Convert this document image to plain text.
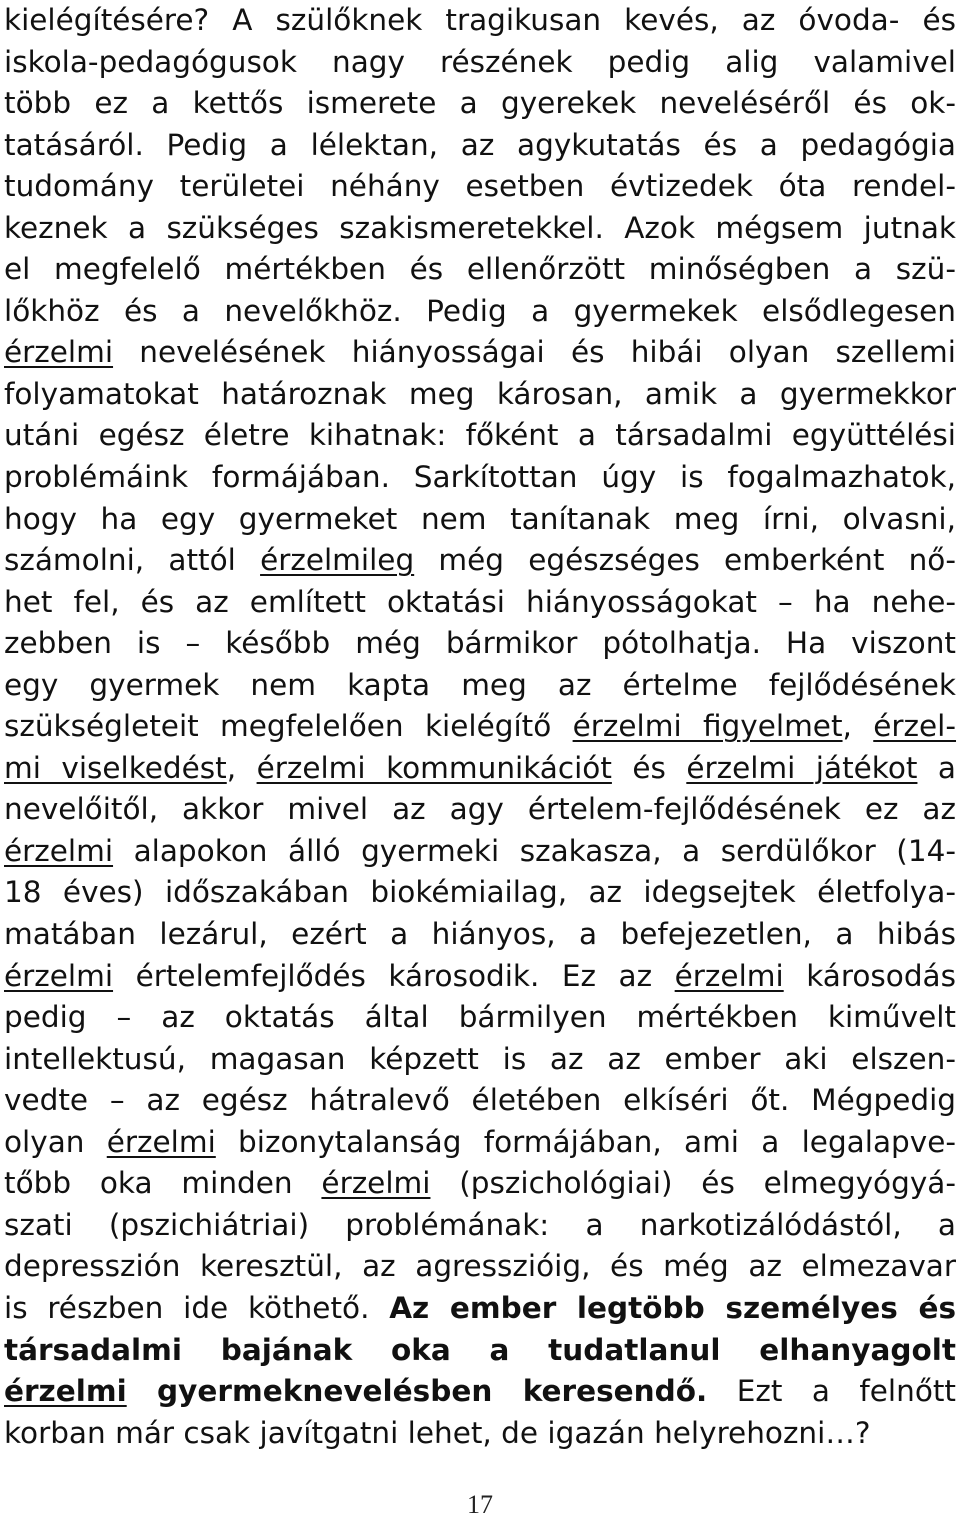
kielégítésére? A szülőknek tragikusan kevés, az óvoda- és
iskola-pedagógusok nagy részének pedig alig valamivel
több ez a kettős ismerete a gyerekek neveléséről és ok-
tatásáról. Pedig a lélektan, az agykutatás és a pedagógia
tudomány területei néhány esetben évtizedek óta rendel-
keznek a szükséges szakismeretekkel. Azok mégsem jutnak
el megfelelő mértékben és ellenőrzött minőségben a szü-
lőkhöz és a nevelőkhöz. Pedig a gyermekek elsődlegesen
érzelmi nevelésének hiányosságai és hibái olyan szellemi
folyamatokat határoznak meg károsan, amik a gyermekkor
utáni egész életre kihatnak: főként a társadalmi együttélési
problémáink formájában. Sarkítottan úgy is fogalmazhatok,
hogy ha egy gyermeket nem tanítanak meg írni, olvasni,
számolni, attól érzelmileg még egészséges emberként nő-
het fel, és az említett oktatási hiányosságokat – ha nehe-
zebben is – később még bármikor pótolhatja. Ha viszont
egy gyermek nem kapta meg az értelme fejlődésének
szükségleteit megfelelően kielégítő érzelmi figyelmet, érzel-
mi viselkedést, érzelmi kommunikációt és érzelmi játékot a
nevelőitől, akkor mivel az agy értelem-fejlődésének ez az
érzelmi alapokon álló gyermeki szakasza, a serdülőkor (14-
18 éves) időszakában biokémiailag, az idegsejtek életfolya-
matában lezárul, ezért a hiányos, a befejezetlen, a hibás
érzelmi értelemfejlődés károsodik. Ez az érzelmi károsodás
pedig – az oktatás által bármilyen mértékben kiművelt
intellektusú, magasan képzett is az az ember aki elszen-
vedte – az egész hátralevő életében elkíséri őt. Mégpedig
olyan érzelmi bizonytalanság formájában, ami a legalapve-
tőbb oka minden érzelmi (pszichológiai) és elmegyógyá-
szati (pszichiátriai) problémának: a narkotizálódástól, a
depresszión keresztül, az agresszióig, és még az elmezavar
is részben ide köthető. Az ember legtöbb személyes és
társadalmi bajának oka a tudatlanul elhanyagolt
érzelmi gyermeknevelésben keresendő. Ezt a felnőtt
korban már csak javítgatni lehet, de igazán helyrehozni…?
17
